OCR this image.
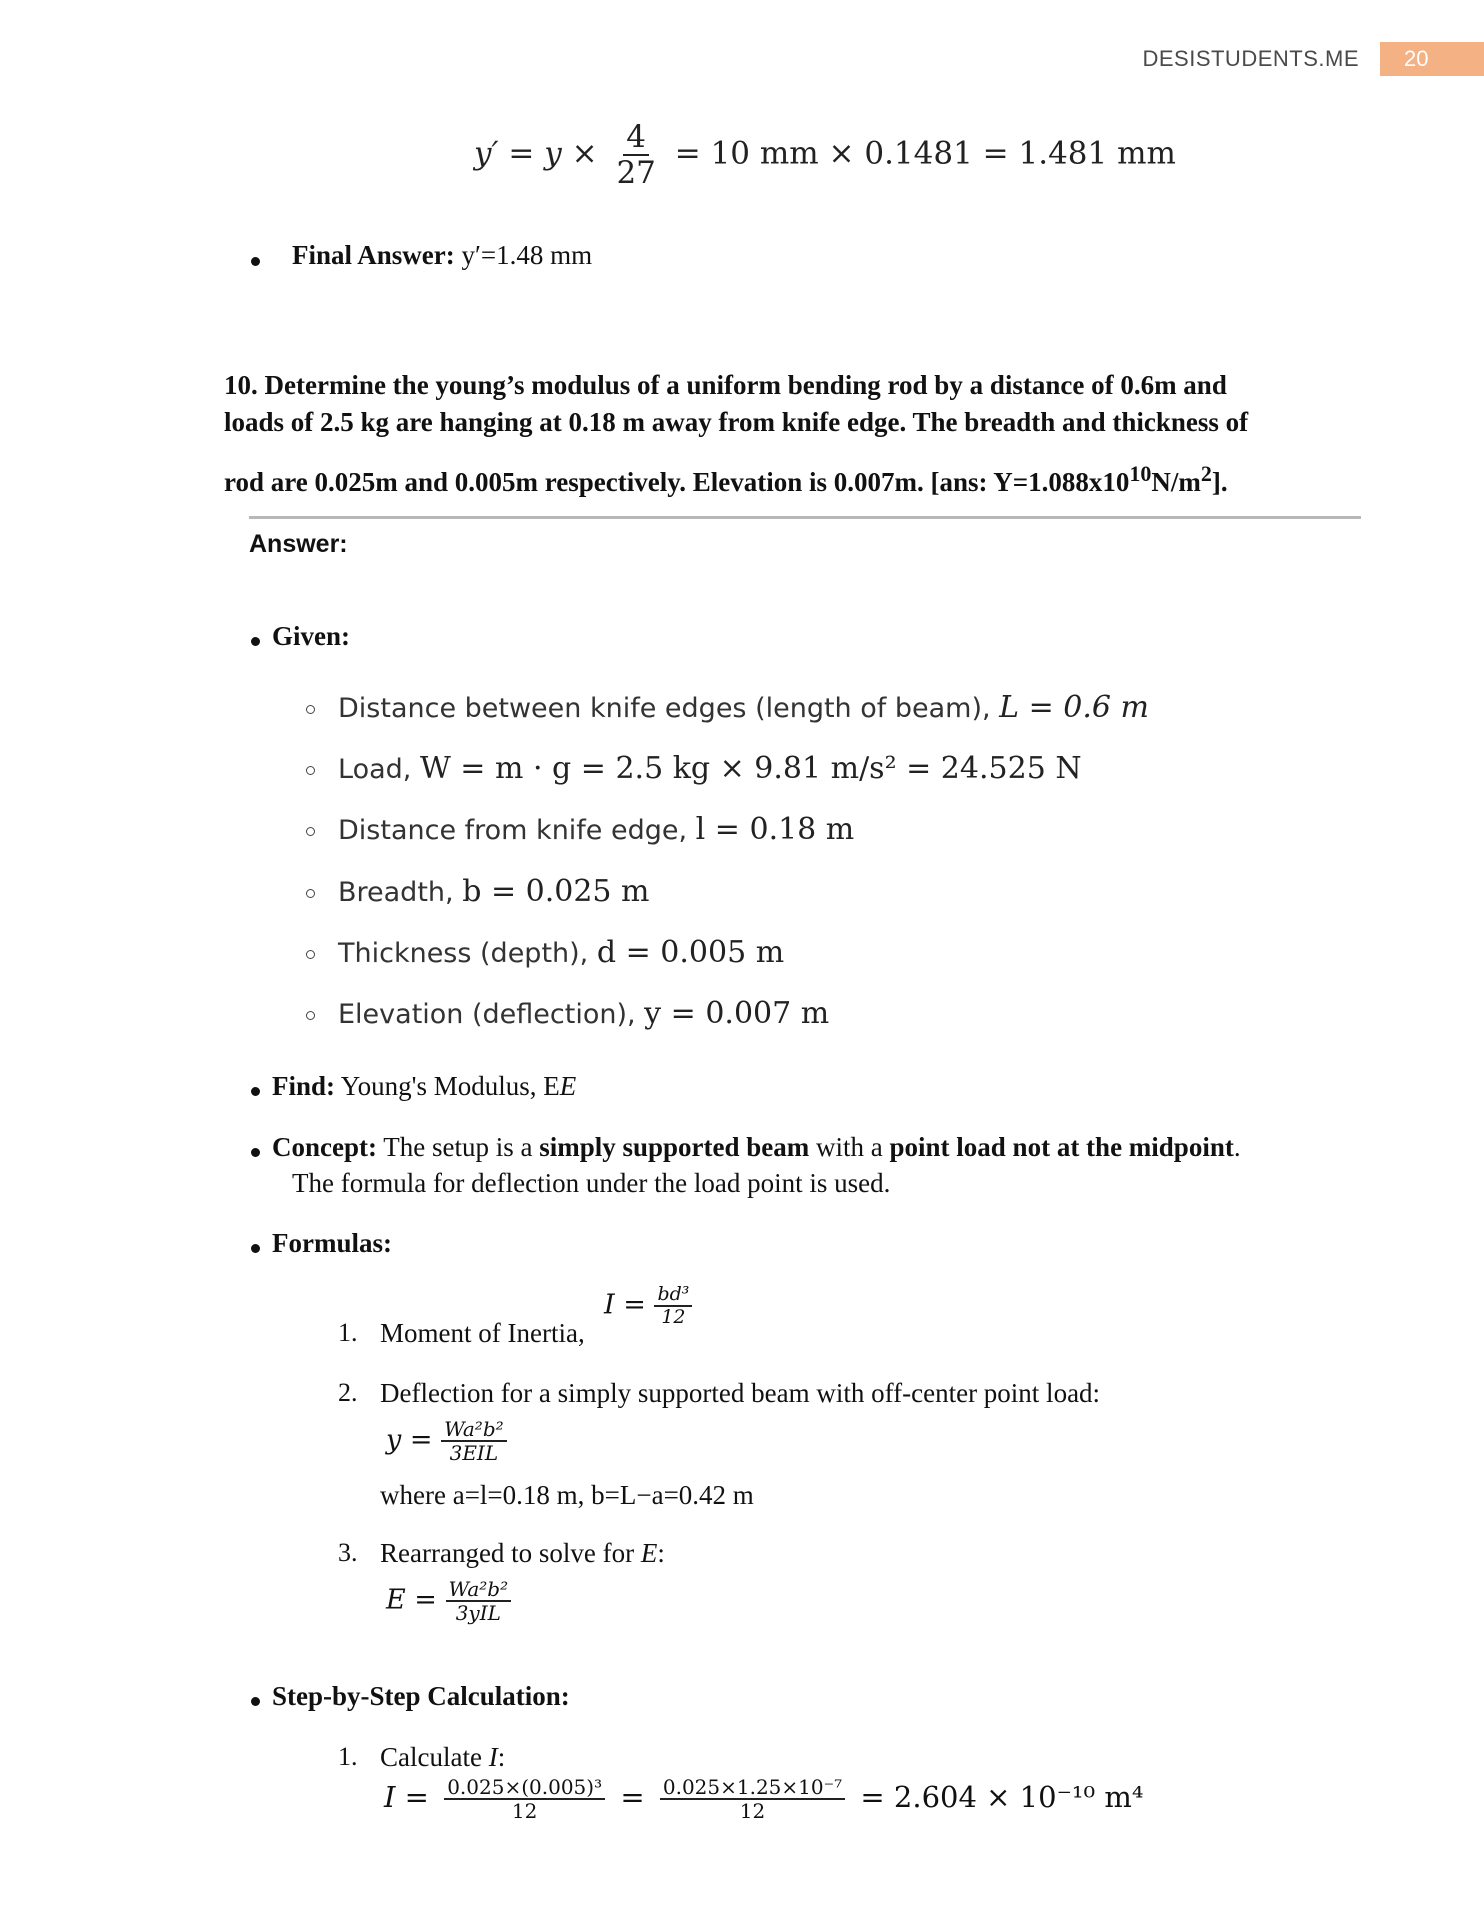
DESISTUDENTS.ME	20
$y' = y \times \frac{4}{27} = 10$ mm × 0.1481 = 1.481 mm
Final Answer: y′=1.48 mm
10. Determine the young’s modulus of a uniform bending rod by a distance of 0.6m and
loads of 2.5 kg are hanging at 0.18 m away from knife edge. The breadth and thickness of
rod are 0.025m and 0.005m respectively. Elevation is 0.007m. [ans: $Y=1.088x10^{10}N/m^2$].
Answer:
Given:
Distance between knife edges (length of beam), L = 0.6 m
Load, W = m · g = 2.5 kg × 9.81 m/s² = 24.525 N
Distance from knife edge, l = 0.18 m
Breadth, b = 0.025 m
Thickness (depth), d = 0.005 m
Elevation (deflection), y = 0.007 m
Find: Young's Modulus, EE
Concept: The setup is a simply supported beam with a point load not at the midpoint.
The formula for deflection under the load point is used.
Formulas:
1. Moment of Inertia,
$I = \frac{\text{bd³}}{12}$
2. Deflection for a simply supported beam with off-center point load:
$y = \frac{\text{Wa²b²}}{\text{3EIL}}$
where a=l=0.18 m, b=L−a=0.42 m
3. Rearranged to solve for E:
$E = \frac{\text{Wa²b²}}{\text{3yIL}}$
Step-by-Step Calculation:
1. Calculate I:
$I = \frac{\text{0.025×(0.005)³}}{12} = \frac{\text{0.025×1.25×10⁻⁷}}{12} = 2.604 \times 10^{-10}$ m⁴
